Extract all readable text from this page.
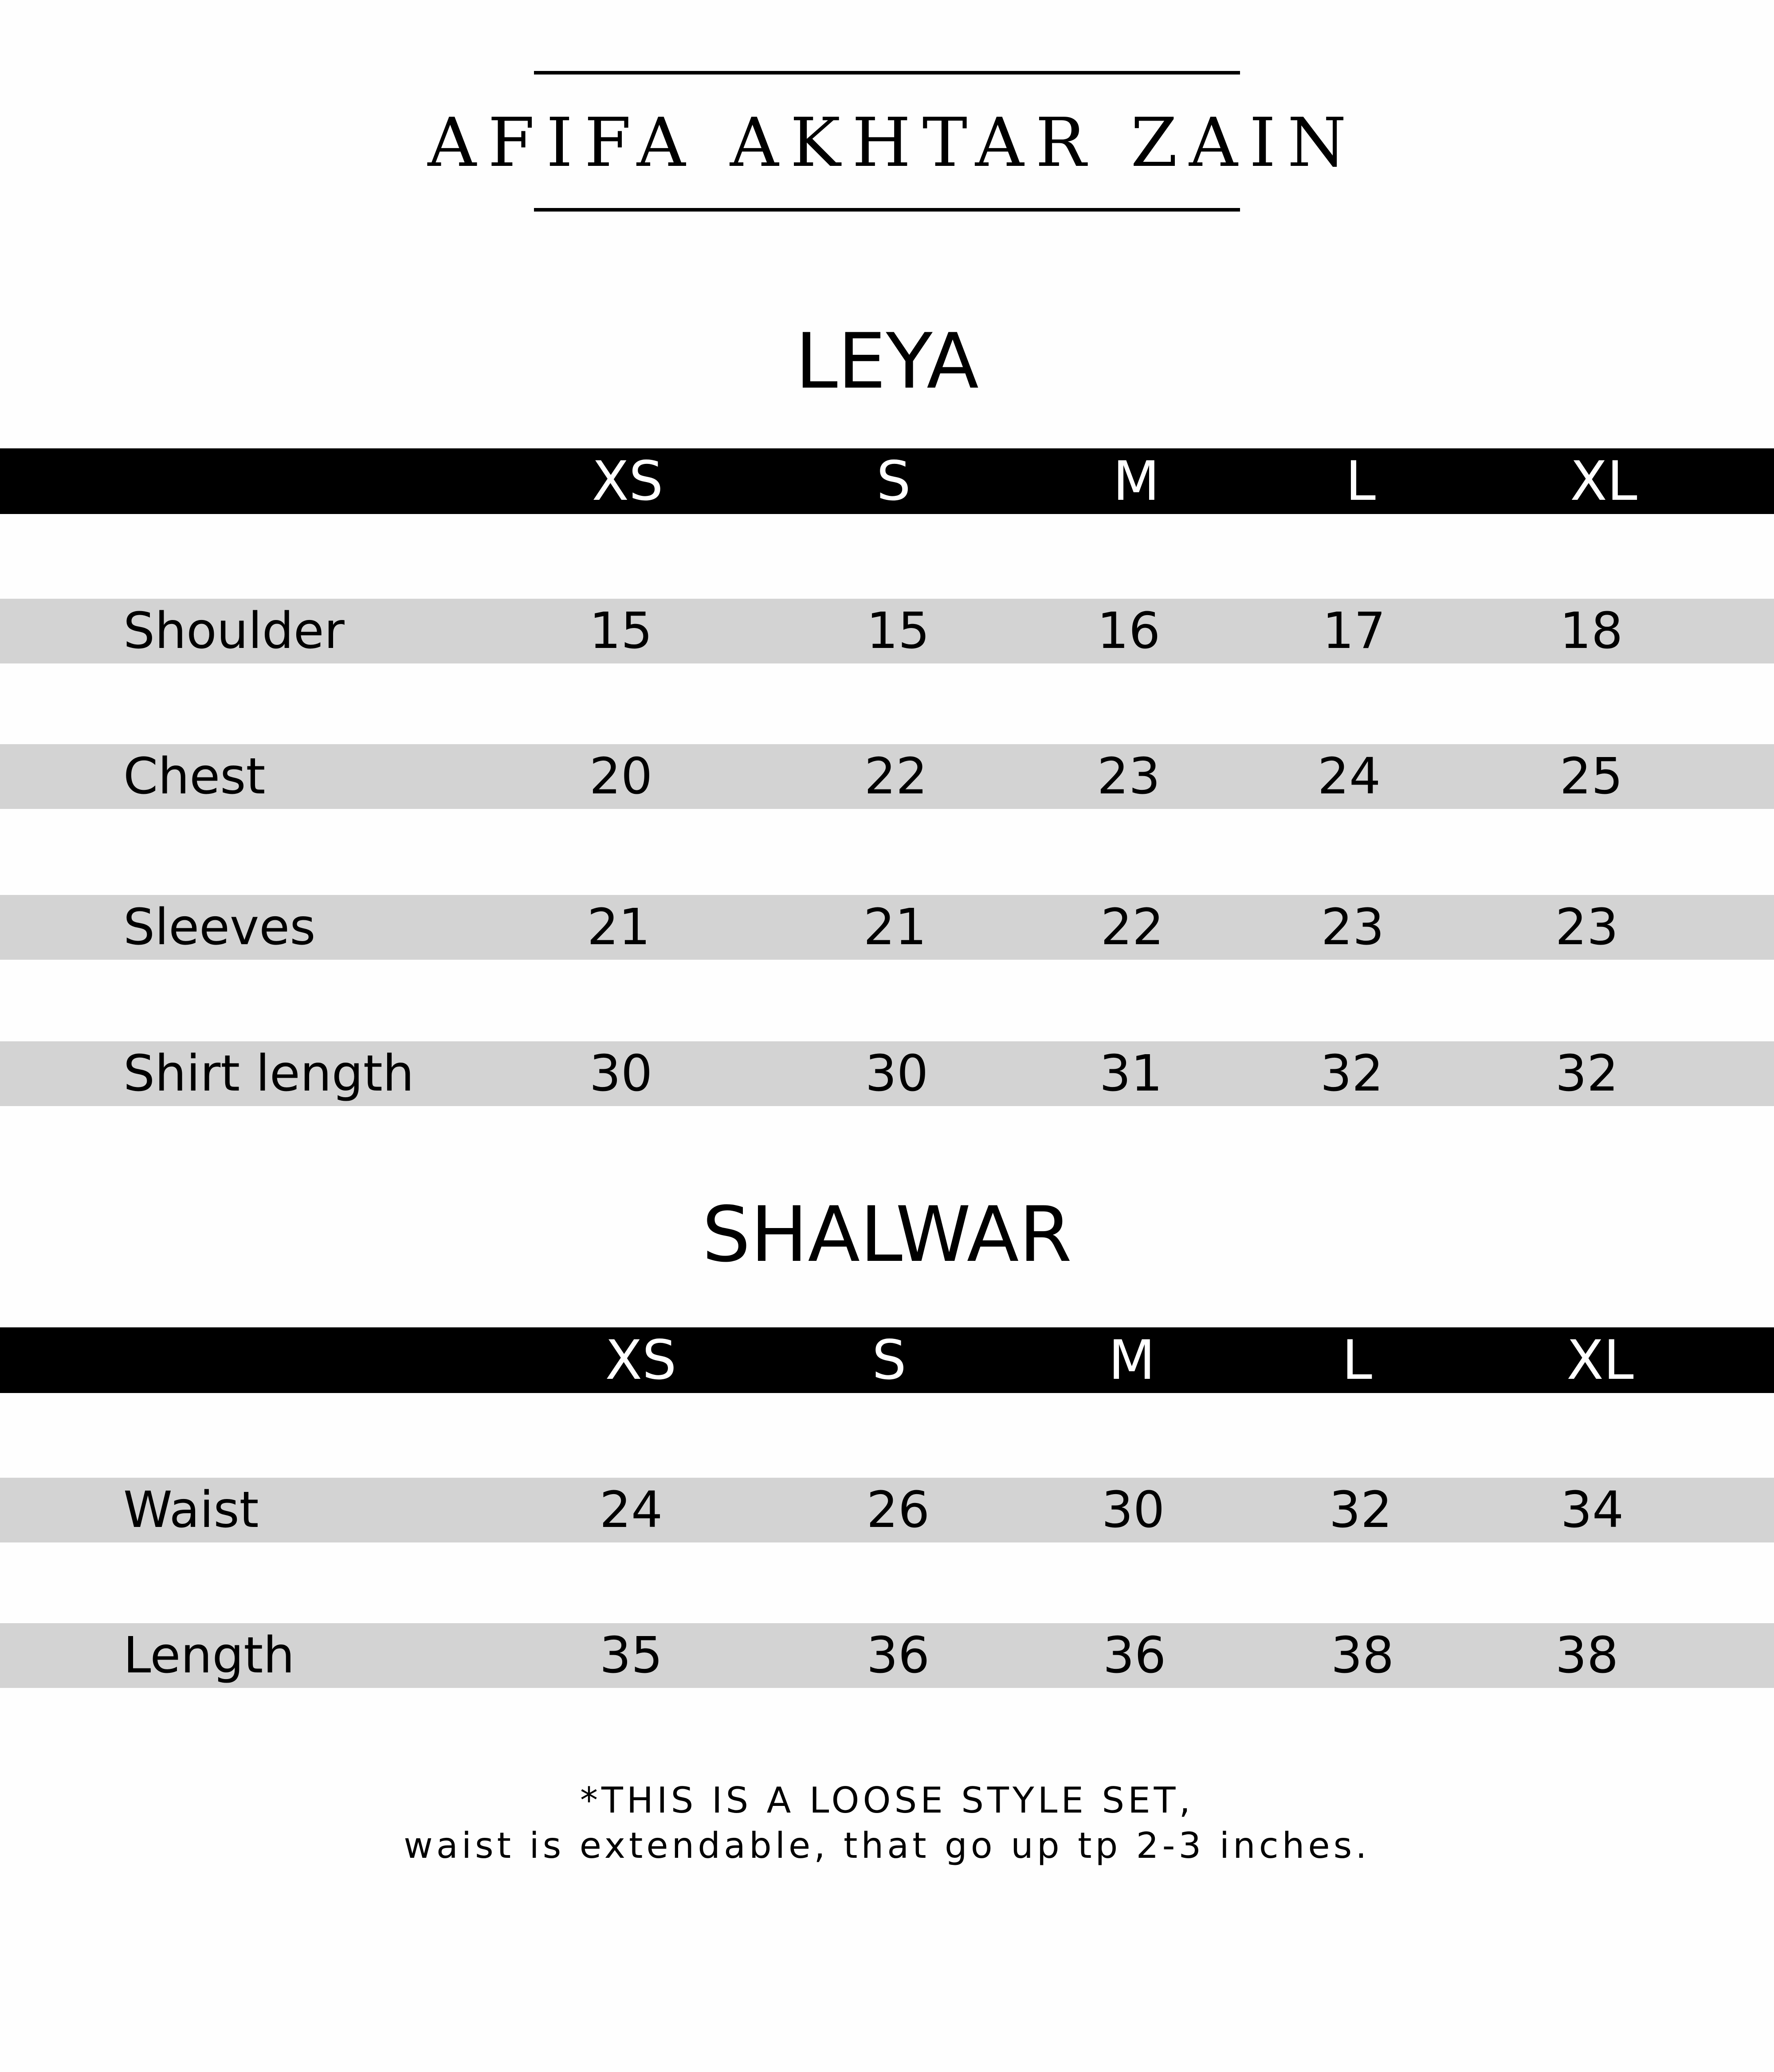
AFIFA AKHTAR ZAIN
LEYA
XS	S	M	L	XL
Shoulder	15	15	16	17	18
Chest	20	22	23	24	25
Sleeves	21	21	22	23	23
Shirt length	30	30	31	32	32
SHALWAR
XS	S	M	L	XL
Waist	24	26	30	32	34
Length	35	36	36	38	38
*THIS IS A LOOSE STYLE SET,
waist is extendable, that go up tp 2-3 inches.
